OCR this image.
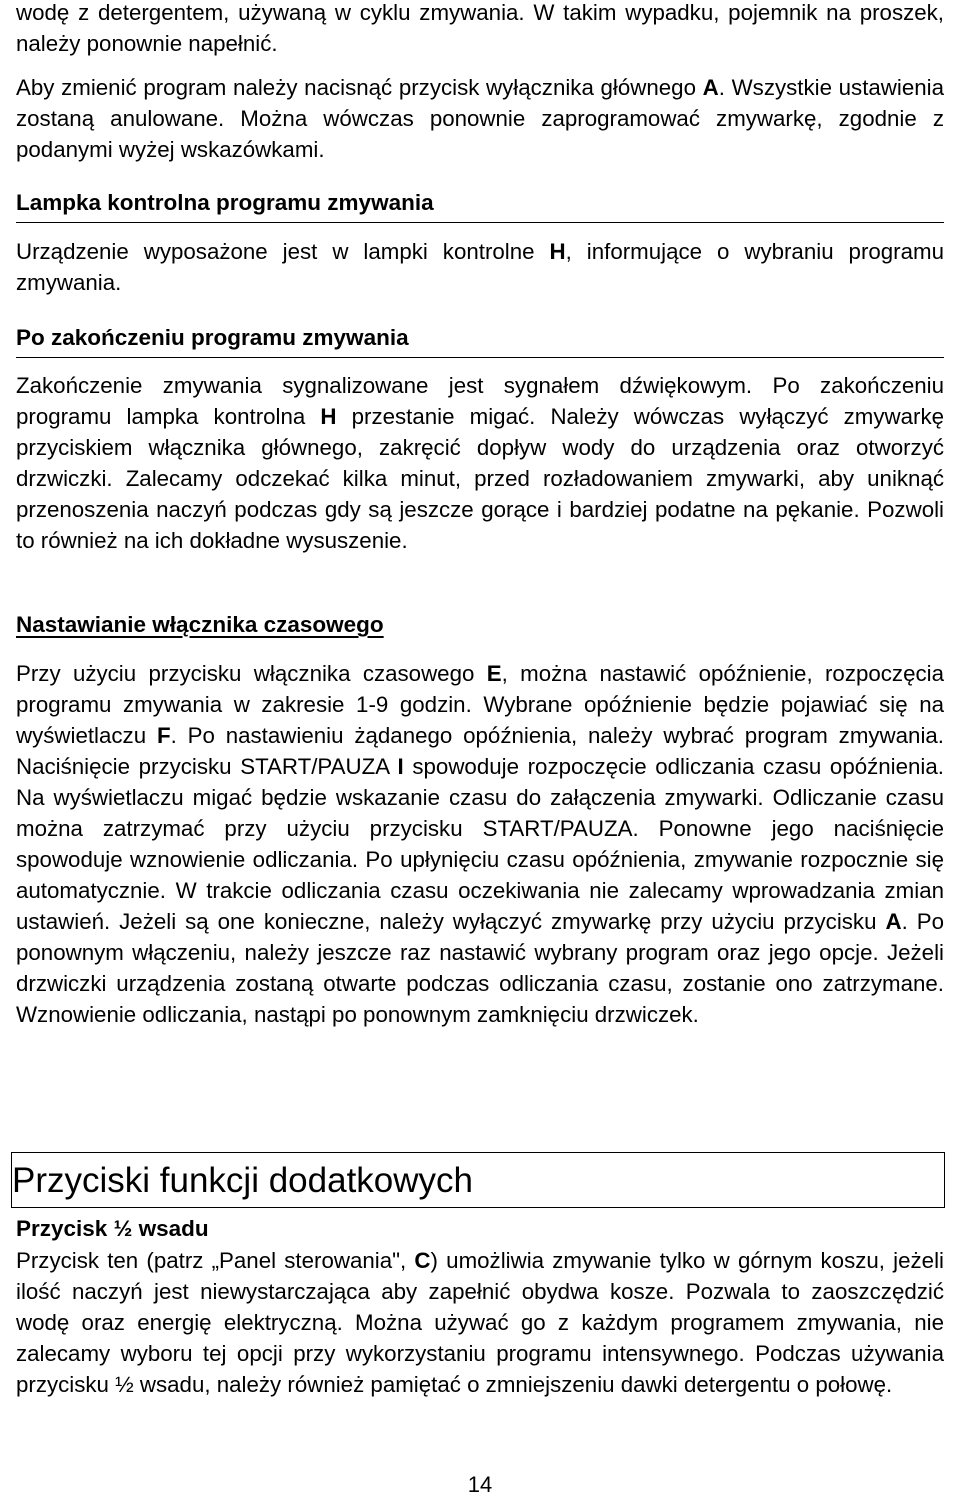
wodę z detergentem, używaną w cyklu zmywania. W takim wypadku, pojemnik na proszek, należy ponownie napełnić.

Aby zmienić program należy nacisnąć przycisk wyłącznika głównego A. Wszystkie ustawienia zostaną anulowane. Można wówczas ponownie zaprogramować zmywarkę, zgodnie z podanymi wyżej wskazówkami.

Lampka kontrolna programu zmywania

Urządzenie wyposażone jest w lampki kontrolne H, informujące o wybraniu programu zmywania.

Po zakończeniu programu zmywania

Zakończenie zmywania sygnalizowane jest sygnałem dźwiękowym. Po zakończeniu programu lampka kontrolna H przestanie migać. Należy wówczas wyłączyć zmywarkę przyciskiem włącznika głównego, zakręcić dopływ wody do urządzenia oraz otworzyć drzwiczki. Zalecamy odczekać kilka minut, przed rozładowaniem zmywarki, aby uniknąć przenoszenia naczyń podczas gdy są jeszcze gorące i bardziej podatne na pękanie. Pozwoli to również na ich dokładne wysuszenie.

Nastawianie włącznika czasowego

Przy użyciu przycisku włącznika czasowego E, można nastawić opóźnienie, rozpoczęcia programu zmywania w zakresie 1-9 godzin. Wybrane opóźnienie będzie pojawiać się na wyświetlaczu F. Po nastawieniu żądanego opóźnienia, należy wybrać program zmywania. Naciśnięcie przycisku START/PAUZA I spowoduje rozpoczęcie odliczania czasu opóźnienia. Na wyświetlaczu migać będzie wskazanie czasu do załączenia zmywarki. Odliczanie czasu można zatrzymać przy użyciu przycisku START/PAUZA. Ponowne jego naciśnięcie spowoduje wznowienie odliczania. Po upłynięciu czasu opóźnienia, zmywanie rozpocznie się automatycznie. W trakcie odliczania czasu oczekiwania nie zalecamy wprowadzania zmian ustawień. Jeżeli są one konieczne, należy wyłączyć zmywarkę przy użyciu przycisku A. Po ponownym włączeniu, należy jeszcze raz nastawić wybrany program oraz jego opcje. Jeżeli drzwiczki urządzenia zostaną otwarte podczas odliczania czasu, zostanie ono zatrzymane. Wznowienie odliczania, nastąpi po ponownym zamknięciu drzwiczek.

Przyciski funkcji dodatkowych
Przycisk ½ wsadu

Przycisk ten (patrz „Panel sterowania", C) umożliwia zmywanie tylko w górnym koszu, jeżeli ilość naczyń jest niewystarczająca aby zapełnić obydwa kosze. Pozwala to zaoszczędzić wodę oraz energię elektryczną. Można używać go z każdym programem zmywania, nie zalecamy wyboru tej opcji przy wykorzystaniu programu intensywnego. Podczas używania przycisku ½ wsadu, należy również pamiętać o zmniejszeniu dawki detergentu o połowę.

14
